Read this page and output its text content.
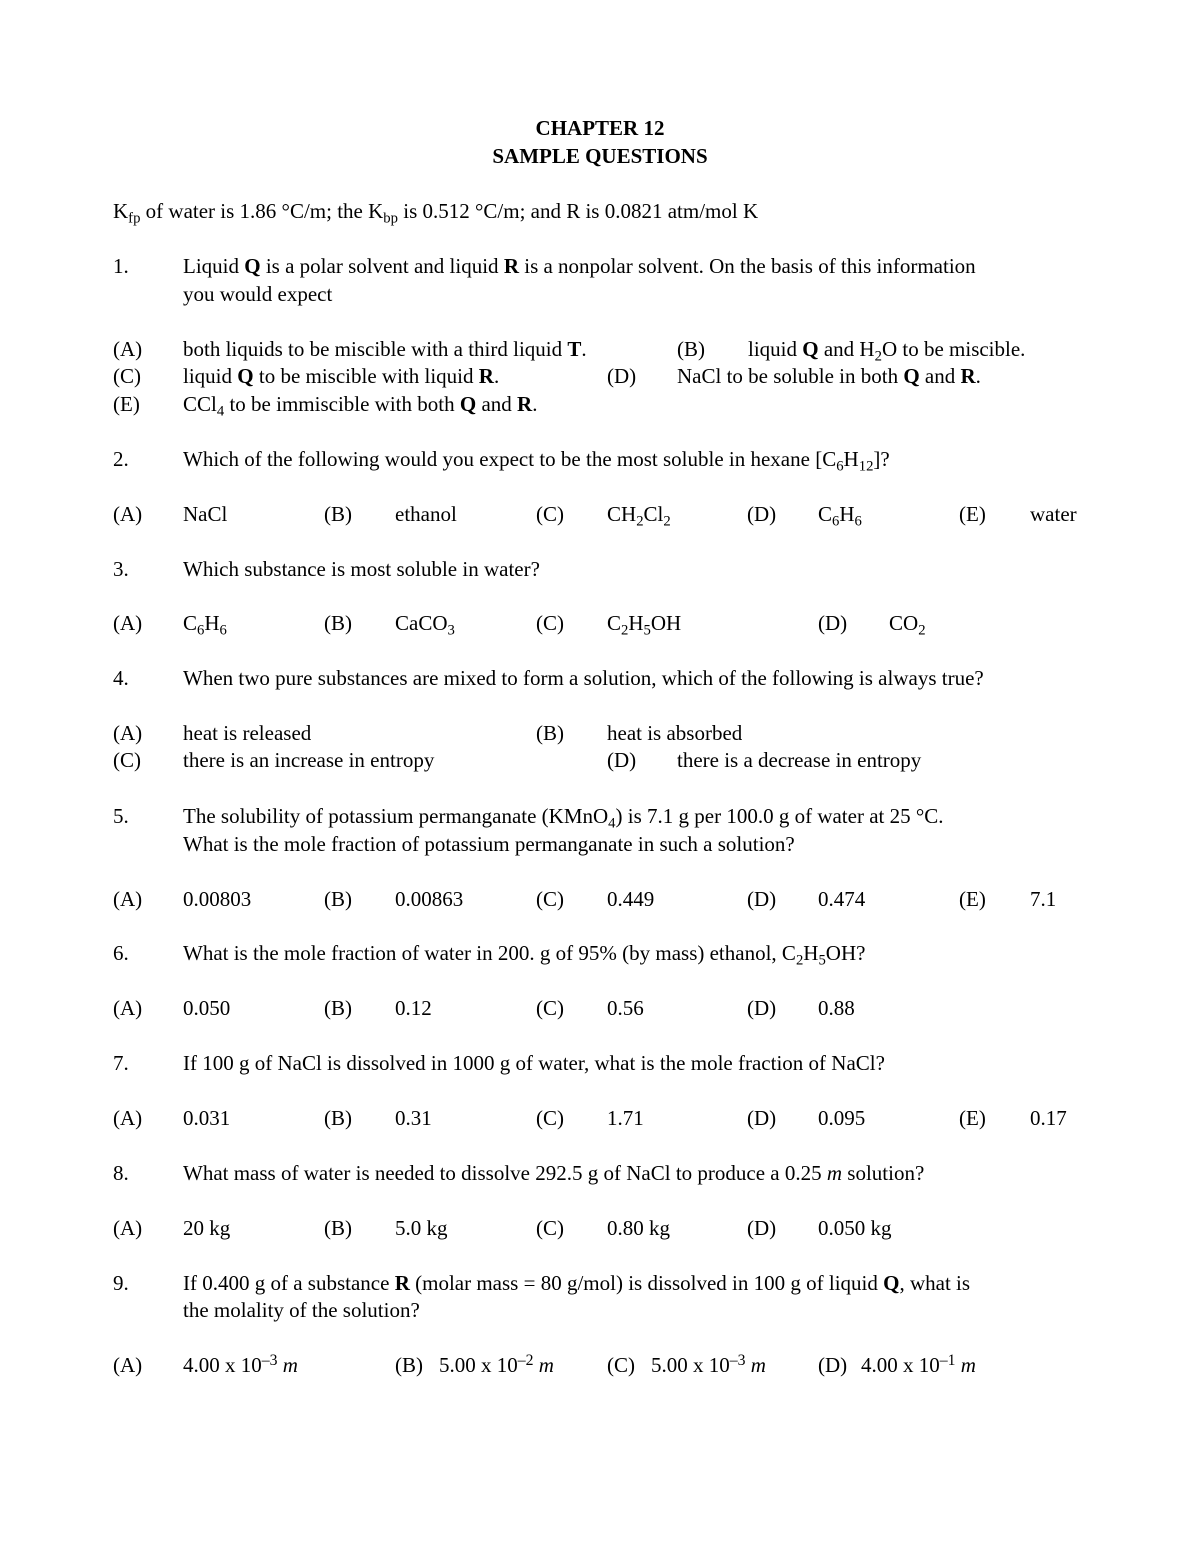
CHAPTER 12
SAMPLE QUESTIONS
$K_{fp}$ of water is 1.86 °C/m; the $K_{bp}$ is 0.512 °C/m; and R is 0.0821 atm/mol K
1.	Liquid Q is a polar solvent and liquid R is a nonpolar solvent. On the basis of this information
you would expect
(A) both liquids to be miscible with a third liquid T.	(B) liquid Q and $H_2O$ to be miscible.
(C) liquid Q to be miscible with liquid R.	(D) NaCl to be soluble in both Q and R.
(E) CCl$_4$ to be immiscible with both Q and R.
2.	Which of the following would you expect to be the most soluble in hexane $[C_6H_{12}]$?
(A) NaCl	(B) ethanol	(C) $CH_2Cl_2$	(D) $C_6H_6$	(E) water
3.	Which substance is most soluble in water?
(A) $C_6H_6$	(B) CaCO$_3$	(C) $C_2H_5OH$	(D) $CO_2$
4.	When two pure substances are mixed to form a solution, which of the following is always true?
(A) heat is released	(B) heat is absorbed
(C) there is an increase in entropy	(D) there is a decrease in entropy
5.	The solubility of potassium permanganate (KMnO$_4$) is 7.1 g per 100.0 g of water at 25 °C.
What is the mole fraction of potassium permanganate in such a solution?
(A) 0.00803	(B) 0.00863	(C) 0.449	(D) 0.474	(E) 7.1
6.	What is the mole fraction of water in 200. g of 95% (by mass) ethanol, $C_2H_5OH$?
(A) 0.050	(B) 0.12	(C) 0.56	(D) 0.88
7.	If 100 g of NaCl is dissolved in 1000 g of water, what is the mole fraction of NaCl?
(A) 0.031	(B) 0.31	(C) 1.71	(D) 0.095	(E) 0.17
8.	What mass of water is needed to dissolve 292.5 g of NaCl to produce a 0.25 m solution?
(A) 20 kg	(B) 5.0 kg	(C) 0.80 kg	(D) 0.050 kg
9.	If 0.400 g of a substance R (molar mass = 80 g/mol) is dissolved in 100 g of liquid Q, what is
the molality of the solution?
(A) 4.00 x $10^{-3}$ m	(B) 5.00 x $10^{-2}$ m	(C) 5.00 x $10^{-3}$ m (D) 4.00 x $10^{-1}$ m
